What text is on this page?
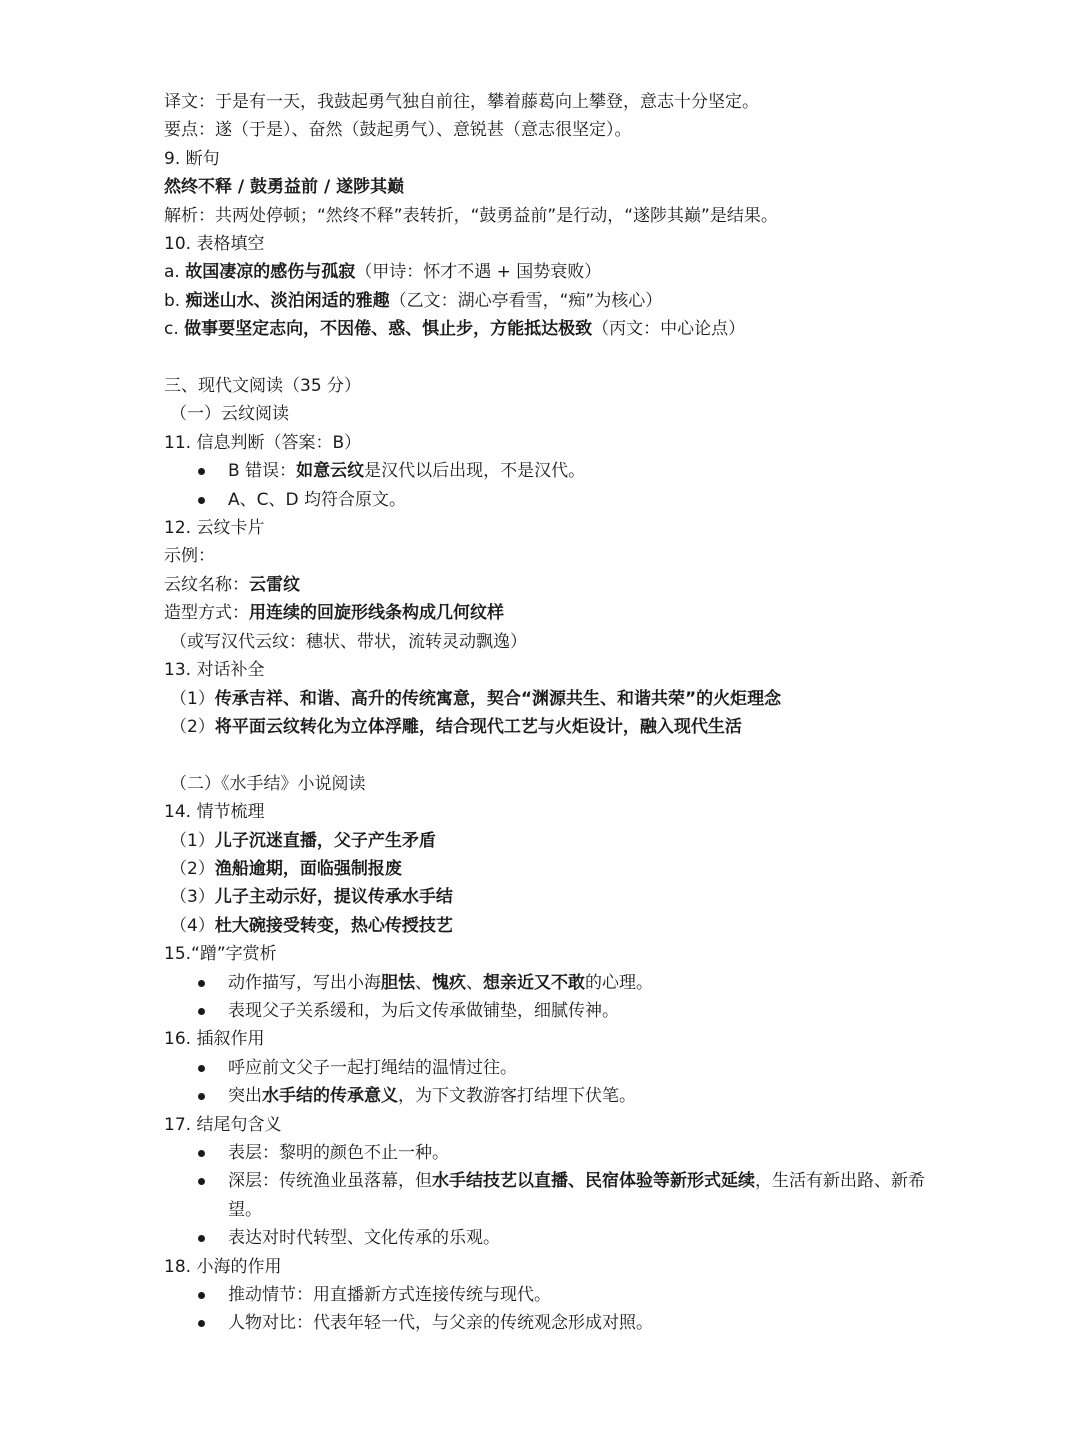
译文：于是有一天，我鼓起勇气独自前往，攀着藤葛向上攀登，意志十分坚定。
要点：遂（于是）、奋然（鼓起勇气）、意锐甚（意志很坚定）。
9. 断句
然终不释 / 鼓勇益前 / 遂陟其巅
解析：共两处停顿；“然终不释”表转折，“鼓勇益前”是行动，“遂陟其巅”是结果。
10. 表格填空
a. 故国凄凉的感伤与孤寂（甲诗：怀才不遇 + 国势衰败）
b. 痴迷山水、淡泊闲适的雅趣（乙文：湖心亭看雪，“痴”为核心）
c. 做事要坚定志向，不因倦、惑、惧止步，方能抵达极致（丙文：中心论点）
三、现代文阅读（35 分）
（一）云纹阅读
11. 信息判断（答案：B）
B 错误：如意云纹是汉代以后出现，不是汉代。
A、C、D 均符合原文。
12. 云纹卡片
示例：
云纹名称：云雷纹
造型方式：用连续的回旋形线条构成几何纹样
（或写汉代云纹：穗状、带状，流转灵动飘逸）
13. 对话补全
（1）传承吉祥、和谐、高升的传统寓意，契合“渊源共生、和谐共荣”的火炬理念
（2）将平面云纹转化为立体浮雕，结合现代工艺与火炬设计，融入现代生活
（二）《水手结》小说阅读
14. 情节梳理
（1）儿子沉迷直播，父子产生矛盾
（2）渔船逾期，面临强制报废
（3）儿子主动示好，提议传承水手结
（4）杜大碗接受转变，热心传授技艺
15.“蹭”字赏析
动作描写，写出小海胆怯、愧疚、想亲近又不敢的心理。
表现父子关系缓和，为后文传承做铺垫，细腻传神。
16. 插叙作用
呼应前文父子一起打绳结的温情过往。
突出水手结的传承意义，为下文教游客打结埋下伏笔。
17. 结尾句含义
表层：黎明的颜色不止一种。
深层：传统渔业虽落幕，但水手结技艺以直播、民宿体验等新形式延续，生活有新出路、新希望。
表达对时代转型、文化传承的乐观。
18. 小海的作用
推动情节：用直播新方式连接传统与现代。
人物对比：代表年轻一代，与父亲的传统观念形成对照。
